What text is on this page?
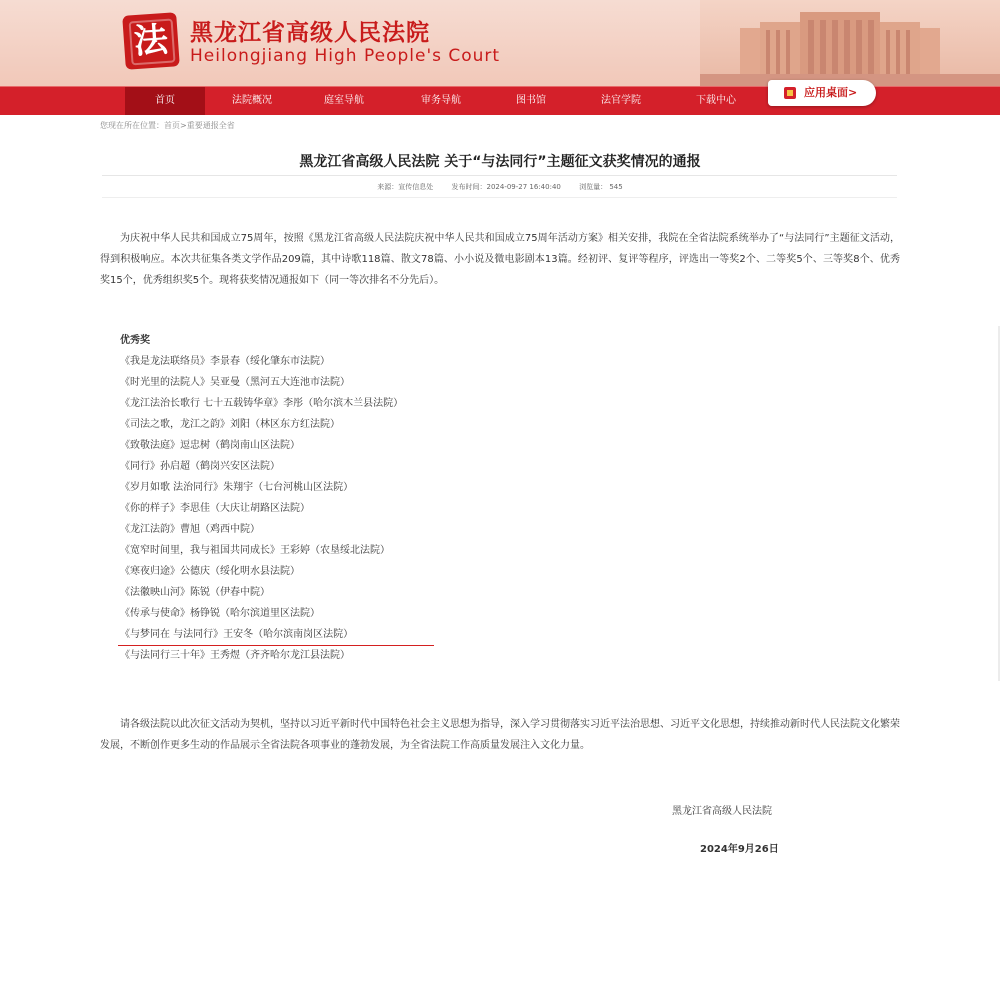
法 黑龙江省高级人民法院
Heilongjiang High People's Court
首页	法院概况	庭室导航	审务导航	图书馆	法官学院	下载中心
应用桌面>
您现在所在位置：首页>重要通报全省
黑龙江省高级人民法院 关于“与法同行”主题征文获奖情况的通报
来源：宣传信息处	发布时间：2024-09-27 16:40:40	浏览量： 545
为庆祝中华人民共和国成立75周年，按照《黑龙江省高级人民法院庆祝中华人民共和国成立75周年活动方案》相关安排，我院在全省法院系统举办了“与法同行”主题征文活动，得到积极响应。本次共征集各类文学作品209篇，其中诗歌118篇、散文78篇、小小说及微电影剧本13篇。经初评、复评等程序，评选出一等奖2个、二等奖5个、三等奖8个、优秀奖15个，优秀组织奖5个。现将获奖情况通报如下（同一等次排名不分先后）。
优秀奖
《我是龙法联络员》李景春（绥化肇东市法院）
《时光里的法院人》吴亚曼（黑河五大连池市法院）
《龙江法治长歌行 七十五载铸华章》李彤（哈尔滨木兰县法院）
《司法之歌，龙江之韵》刘阳（林区东方红法院）
《致敬法庭》逗忠树（鹤岗南山区法院）
《同行》孙启超（鹤岗兴安区法院）
《岁月如歌 法治同行》朱翔宇（七台河桃山区法院）
《你的样子》李思佳（大庆让胡路区法院）
《龙江法韵》曹旭（鸡西中院）
《宽窄时间里，我与祖国共同成长》王彩婷（农垦绥北法院）
《寒夜归途》公德庆（绥化明水县法院）
《法徽映山河》陈锐（伊春中院）
《传承与使命》杨铮锐（哈尔滨道里区法院）
《与梦同在 与法同行》王安冬（哈尔滨南岗区法院）
《与法同行三十年》王秀煜（齐齐哈尔龙江县法院）
请各级法院以此次征文活动为契机，坚持以习近平新时代中国特色社会主义思想为指导，深入学习贯彻落实习近平法治思想、习近平文化思想，持续推动新时代人民法院文化繁荣发展，不断创作更多生动的作品展示全省法院各项事业的蓬勃发展，为全省法院工作高质量发展注入文化力量。
黑龙江省高级人民法院
2024年9月26日
